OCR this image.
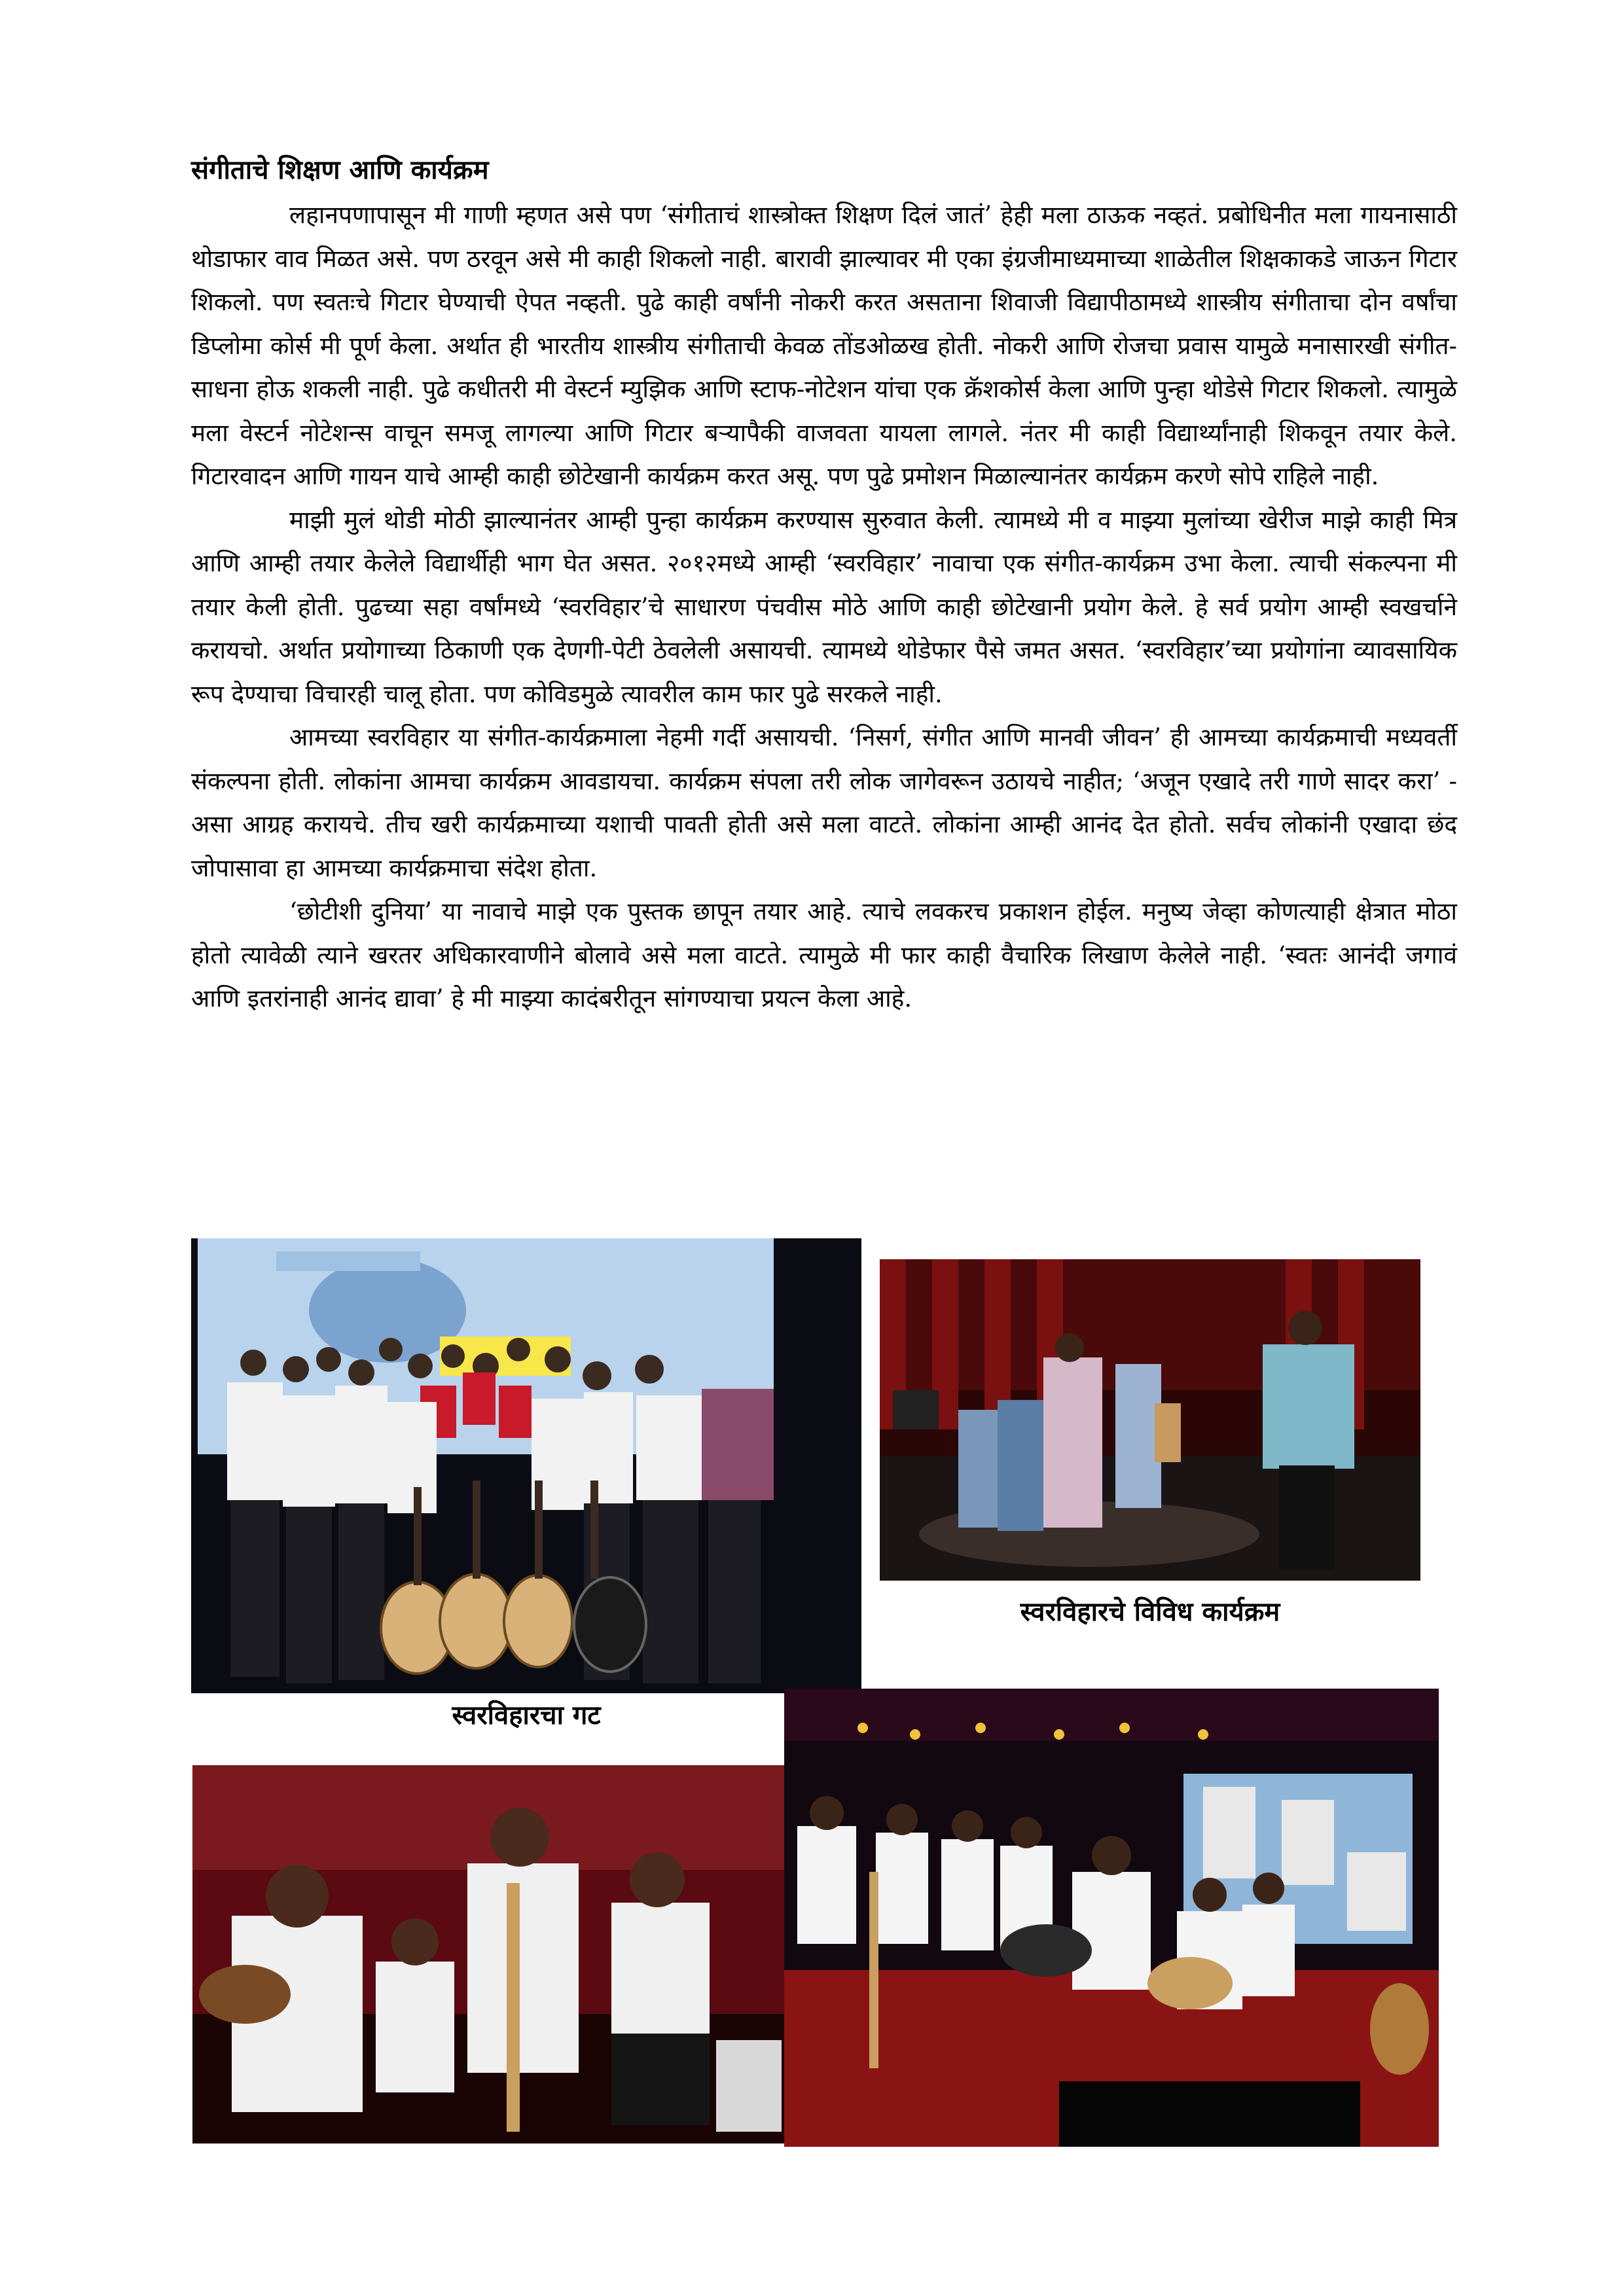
संगीताचे शिक्षण आणि कार्यक्रम

लहानपणापासून मी गाणी म्हणत असे पण ‘संगीताचं शास्त्रोक्त शिक्षण दिलं जातं’ हेही मला ठाऊक नव्हतं. प्रबोधिनीत मला गायनासाठी थोडाफार वाव मिळत असे. पण ठरवून असे मी काही शिकलो नाही. बारावी झाल्यावर मी एका इंग्रजीमाध्यमाच्या शाळेतील शिक्षकाकडे जाऊन गिटार शिकलो. पण स्वतःचे गिटार घेण्याची ऐपत नव्हती. पुढे काही वर्षांनी नोकरी करत असताना शिवाजी विद्यापीठामध्ये शास्त्रीय संगीताचा दोन वर्षांचा डिप्लोमा कोर्स मी पूर्ण केला. अर्थात ही भारतीय शास्त्रीय संगीताची केवळ तोंडओळख होती. नोकरी आणि रोजचा प्रवास यामुळे मनासारखी संगीत-साधना होऊ शकली नाही. पुढे कधीतरी मी वेस्टर्न म्युझिक आणि स्टाफ-नोटेशन यांचा एक क्रॅशकोर्स केला आणि पुन्हा थोडेसे गिटार शिकलो. त्यामुळे मला वेस्टर्न नोटेशन्स वाचून समजू लागल्या आणि गिटार बऱ्यापैकी वाजवता यायला लागले. नंतर मी काही विद्यार्थ्यांनाही शिकवून तयार केले. गिटारवादन आणि गायन याचे आम्ही काही छोटेखानी कार्यक्रम करत असू. पण पुढे प्रमोशन मिळाल्यानंतर कार्यक्रम करणे सोपे राहिले नाही.

माझी मुलं थोडी मोठी झाल्यानंतर आम्ही पुन्हा कार्यक्रम करण्यास सुरुवात केली. त्यामध्ये मी व माझ्या मुलांच्या खेरीज माझे काही मित्र आणि आम्ही तयार केलेले विद्यार्थीही भाग घेत असत. २०१२मध्ये आम्ही ‘स्वरविहार’ नावाचा एक संगीत-कार्यक्रम उभा केला. त्याची संकल्पना मी तयार केली होती. पुढच्या सहा वर्षांमध्ये ‘स्वरविहार’चे साधारण पंचवीस मोठे आणि काही छोटेखानी प्रयोग केले. हे सर्व प्रयोग आम्ही स्वखर्चाने करायचो. अर्थात प्रयोगाच्या ठिकाणी एक देणगी-पेटी ठेवलेली असायची. त्यामध्ये थोडेफार पैसे जमत असत. ‘स्वरविहार’च्या प्रयोगांना व्यावसायिक रूप देण्याचा विचारही चालू होता. पण कोविडमुळे त्यावरील काम फार पुढे सरकले नाही.

आमच्या स्वरविहार या संगीत-कार्यक्रमाला नेहमी गर्दी असायची. ‘निसर्ग, संगीत आणि मानवी जीवन’ ही आमच्या कार्यक्रमाची मध्यवर्ती संकल्पना होती. लोकांना आमचा कार्यक्रम आवडायचा. कार्यक्रम संपला तरी लोक जागेवरून उठायचे नाहीत; ‘अजून एखादे तरी गाणे सादर करा’ - असा आग्रह करायचे. तीच खरी कार्यक्रमाच्या यशाची पावती होती असे मला वाटते. लोकांना आम्ही आनंद देत होतो. सर्वच लोकांनी एखादा छंद जोपासावा हा आमच्या कार्यक्रमाचा संदेश होता.

‘छोटीशी दुनिया’ या नावाचे माझे एक पुस्तक छापून तयार आहे. त्याचे लवकरच प्रकाशन होईल. मनुष्य जेव्हा कोणत्याही क्षेत्रात मोठा होतो त्यावेळी त्याने खरतर अधिकारवाणीने बोलावे असे मला वाटते. त्यामुळे मी फार काही वैचारिक लिखाण केलेले नाही. ‘स्वतः आनंदी जगावं आणि इतरांनाही आनंद द्यावा’ हे मी माझ्या कादंबरीतून सांगण्याचा प्रयत्न केला आहे.

स्वरविहारचे विविध कार्यक्रम
स्वरविहारचा गट
